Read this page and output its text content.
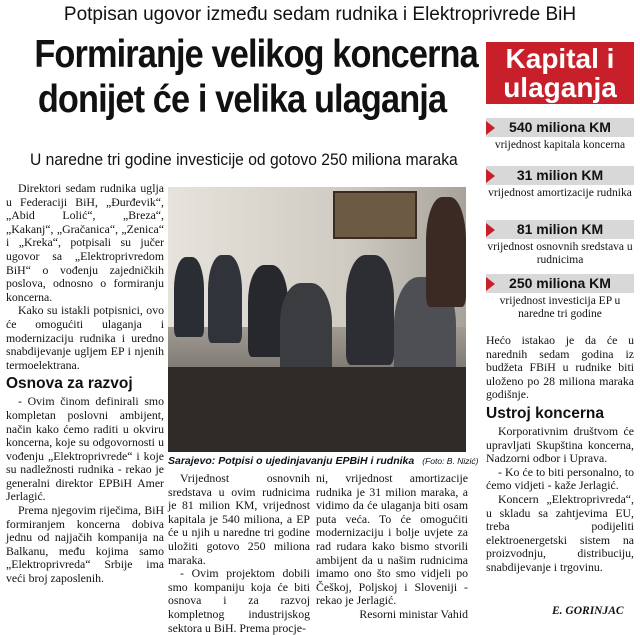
Potpisan ugovor između sedam rudnika i Elektroprivrede BiH
Formiranje velikog koncerna
donijet će i velika ulaganja
U naredne tri godine investicije od gotovo 250 miliona maraka

Direktori sedam rudnika uglja u Federaciji BiH, „Đurđevik“, „Abid Lolić“, „Breza“, „Kakanj“, „Gračanica“, „Zenica“ i „Kreka“, potpisali su jučer ugovor sa „Elektroprivredom BiH“ o vođenju zajedničkih poslova, odnosno o formiranju koncerna.

Kako su istakli potpisnici, ovo će omogućiti ulaganja i modernizaciju rudnika i uredno snabdijevanje ugljem EP i njenih termoelektrana.

Osnova za razvoj

- Ovim činom definirali smo kompletan poslovni ambijent, način kako ćemo raditi u okviru koncerna, koje su odgovornosti u vođenju „Elektroprivrede“ i koje su nadležnosti rudnika - rekao je generalni direktor EPBiH Amer Jerlagić.

Prema njegovim riječima, BiH formiranjem koncerna dobiva jednu od najjačih kompanija na Balkanu, među kojima samo „Elektroprivreda“ Srbije ima veći broj zaposlenih.

Sarajevo: Potpisi o ujedinjavanju EPBiH i rudnika (Foto: B. Nizić)

Vrijednost osnovnih sredstava u ovim rudnicima je 81 milion KM, vrijednost kapitala je 540 miliona, a EP će u njih u naredne tri godine uložiti gotovo 250 miliona maraka.

- Ovim projektom dobili smo kompaniju koja će biti osnova i za razvoj kompletnog industrijskog sektora u BiH. Prema procje-

ni, vrijednost amortizacije rudnika je 31 milion maraka, a vidimo da će ulaganja biti osam puta veća. To će omogućiti modernizaciju i bolje uvjete za rad rudara kako bismo stvorili ambijent da u našim rudnicima imamo ono što smo vidjeli po Češkoj, Poljskoj i Sloveniji - rekao je Jerlagić.

Resorni ministar Vahid

Kapital i
ulaganja
540 miliona KM
vrijednost kapitala koncerna
31 milion KM
vrijednost amortizacije rudnika
81 milion KM
vrijednost osnovnih sredstava u rudnicima
250 miliona KM
vrijednost investicija EP u naredne tri godine

Hećo istakao je da će u narednih sedam godina iz budžeta FBiH u rudnike biti uloženo po 28 miliona maraka godišnje.

Ustroj koncerna

Korporativnim društvom će upravljati Skupština koncerna, Nadzorni odbor i Uprava.

- Ko će to biti personalno, to ćemo vidjeti - kaže Jerlagić.

Koncern „Elektroprivreda“, u skladu sa zahtjevima EU, treba podijeliti elektroenergetski sistem na proizvodnju, distribuciju, snabdijevanje i trgovinu.

E. GORINJAC
